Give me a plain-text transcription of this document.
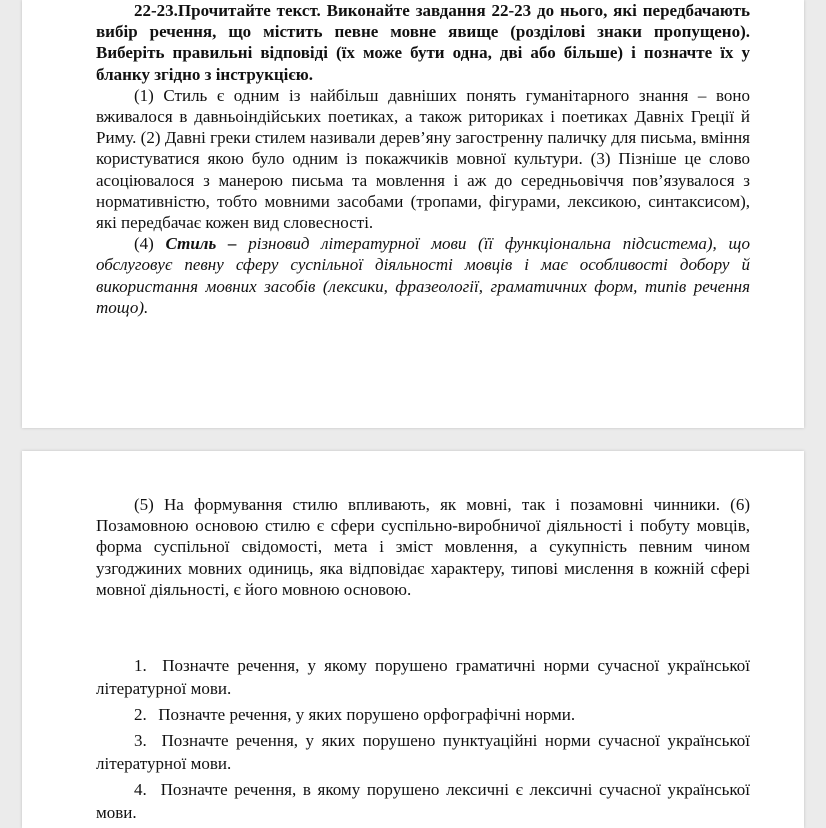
22-23.Прочитайте текст. Виконайте завдання 22-23 до нього, які передбачають вибір речення, що містить певне мовне явище (розділові знаки пропущено). Виберіть правильні відповіді (їх може бути одна, дві або більше) і позначте їх у бланку згідно з інструкцією.

(1) Стиль є одним із найбільш давніших понять гуманітарного знання – воно вживалося в давньоіндійських поетиках, а також риториках і поетиках Давніх Греції й Риму. (2) Давні греки стилем називали дерев’яну загостренну паличку для письма, вміння користуватися якою було одним із покажчиків мовної культури. (3) Пізніше це слово асоціювалося з манерою письма та мовлення і аж до середньовіччя пов’язувалося з нормативністю, тобто мовними засобами (тропами, фігурами, лексикою, синтаксисом), які передбачає кожен вид словесності.

(4) Стиль – різновид літературної мови (її функціональна підсистема), що обслуговує певну сферу суспільної діяльності мовців і має особливості добору й використання мовних засобів (лексики, фразеології, граматичних форм, типів речення тощо).

(5) На формування стилю впливають, як мовні, так і позамовні чинники. (6) Позамовною основою стилю є сфери суспільно-виробничої діяльності і побуту мовців, форма суспільної свідомості, мета і зміст мовлення, а сукупність певним чином узгоджиних мовних одиниць, яка відповідає характеру, типові мислення в кожній сфері мовної діяльності, є його мовною основою.

1. Позначте речення, у якому порушено граматичні норми сучасної української літературної мови.
2. Позначте речення, у яких порушено орфографічні норми.
3. Позначте речення, у яких порушено пунктуаційні норми сучасної української літературної мови.
4. Позначте речення, в якому порушено лексичні є лексичні сучасної української мови.
